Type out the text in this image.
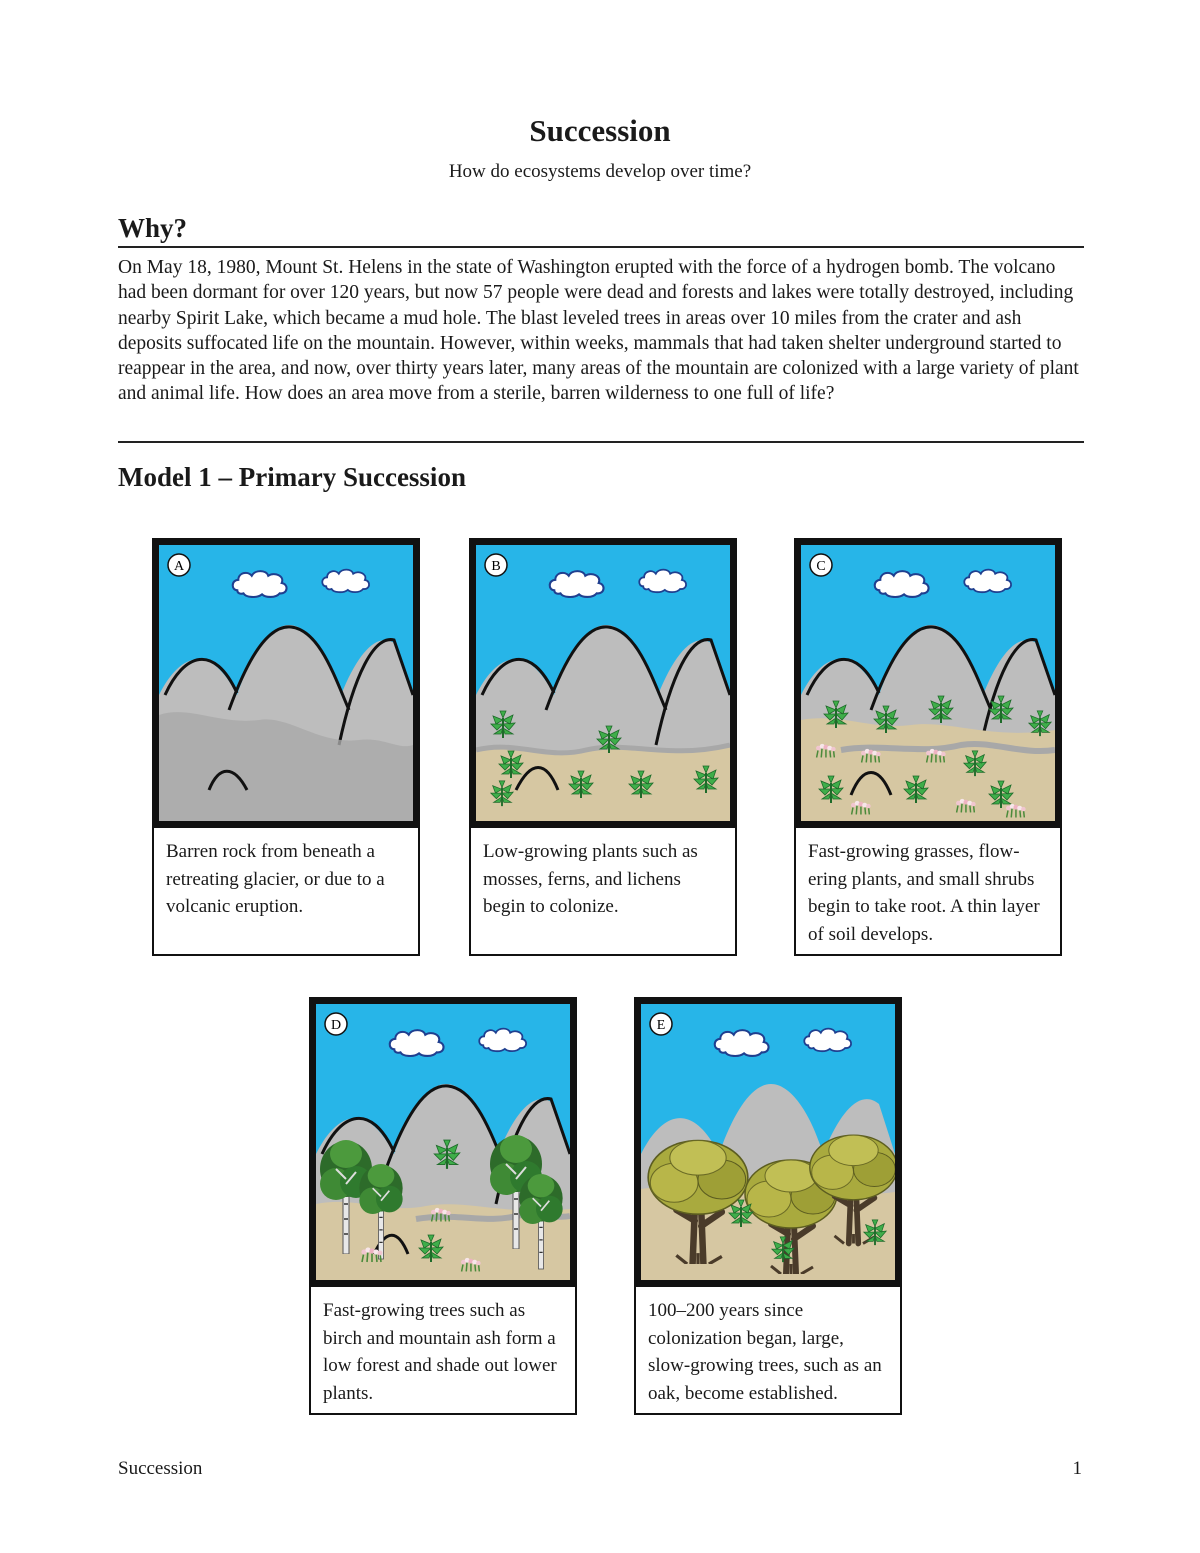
Succession
How do ecosystems develop over time?
Why?
On May 18, 1980, Mount St. Helens in the state of Washington erupted with the force of a hydrogen bomb. The volcano had been dormant for over 120 years, but now 57 people were dead and forests and lakes were totally destroyed, including nearby Spirit Lake, which became a mud hole. The blast leveled trees in areas over 10 miles from the crater and ash deposits suffocated life on the mountain. However, within weeks, mammals that had taken shelter underground started to reappear in the area, and now, over thirty years later, many areas of the mountain are colonized with a large variety of plant and animal life. How does an area move from a sterile, barren wilderness to one full of life?
Model 1 – Primary Succession
A
Barren rock from beneath a retreating glacier, or due to a volcanic eruption.
B
Low-growing plants such as mosses, ferns, and lichens begin to colonize.
C
Fast-growing grasses, flow-ering plants, and small shrubs begin to take root. A thin layer of soil develops.
D
Fast-growing trees such as birch and mountain ash form a low forest and shade out lower plants.
E
100–200 years since colonization began, large, slow-growing trees, such as an oak, become established.
Succession	1
